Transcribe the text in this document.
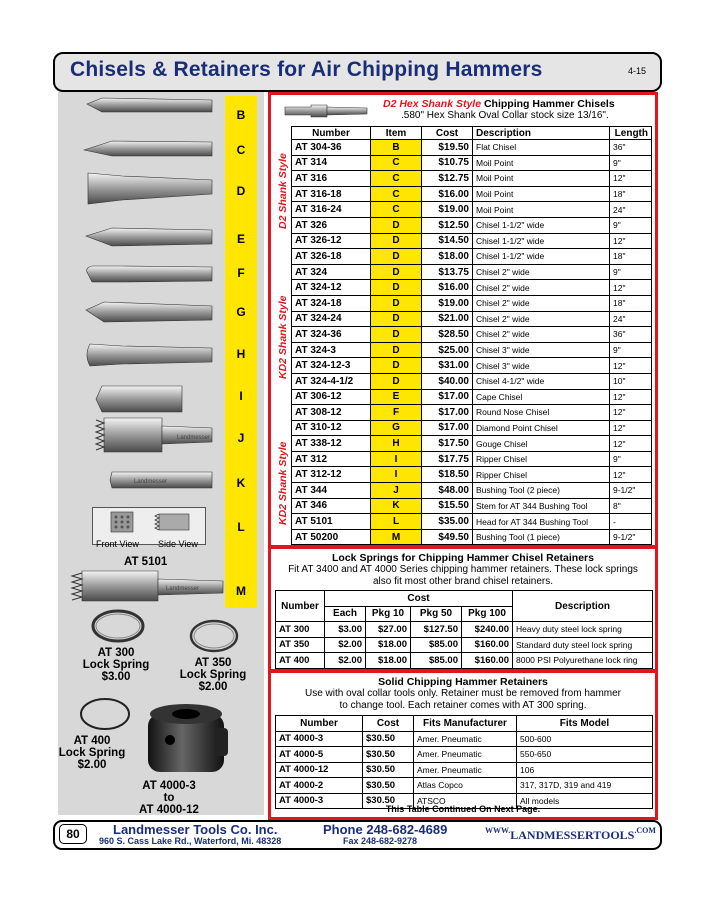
Chisels & Retainers for Air Chipping Hammers	4-15
B
C
D
E
F
G
H
I
J
K
L
M
Landmesser
Landmesser
Front View Side View
AT 5101
Landmesser
AT 300
Lock Spring
$3.00
AT 350
Lock Spring
$2.00
AT 400
Lock Spring
$2.00
AT 4000-3
to
AT 4000-12
D2 Hex Shank Style Chipping Hammer Chisels
.580" Hex Shank Oval Collar stock size 13/16".
D2 Shank Style
KD2 Shank Style
KD2 Shank Style
Number	Item	Cost	Description	Length
AT 304-36	B	$19.50	Flat Chisel	36"
AT 314	C	$10.75	Moil Point	9"
AT 316	C	$12.75	Moil Point	12"
AT 316-18	C	$16.00	Moil Point	18"
AT 316-24	C	$19.00	Moil Point	24"
AT 326	D	$12.50	Chisel 1-1/2" wide	9"
AT 326-12	D	$14.50	Chisel 1-1/2" wide	12"
AT 326-18	D	$18.00	Chisel 1-1/2" wide	18"
AT 324	D	$13.75	Chisel 2" wide	9"
AT 324-12	D	$16.00	Chisel 2" wide	12"
AT 324-18	D	$19.00	Chisel 2" wide	18"
AT 324-24	D	$21.00	Chisel 2" wide	24"
AT 324-36	D	$28.50	Chisel 2" wide	36"
AT 324-3	D	$25.00	Chisel 3" wide	9"
AT 324-12-3	D	$31.00	Chisel 3" wide	12"
AT 324-4-1/2	D	$40.00	Chisel 4-1/2" wide	10"
AT 306-12	E	$17.00	Cape Chisel	12"
AT 308-12	F	$17.00	Round Nose Chisel	12"
AT 310-12	G	$17.00	Diamond Point Chisel	12"
AT 338-12	H	$17.50	Gouge Chisel	12"
AT 312	I	$17.75	Ripper Chisel	9"
AT 312-12	I	$18.50	Ripper Chisel	12"
AT 344	J	$48.00	Bushing Tool (2 piece)	9-1/2"
AT 346	K	$15.50	Stem for AT 344 Bushing Tool	8"
AT 5101	L	$35.00	Head for AT 344 Bushing Tool	-
AT 50200	M	$49.50	Bushing Tool (1 piece)	9-1/2"
Lock Springs for Chipping Hammer Chisel Retainers
Fit AT 3400 and AT 4000 Series chipping hammer retainers. These lock springs
also fit most other brand chisel retainers.
Number	Cost				Description
	Each	Pkg 10	Pkg 50	Pkg 100	
AT 300	$3.00	$27.00	$127.50	$240.00	Heavy duty steel lock spring
AT 350	$2.00	$18.00	$85.00	$160.00	Standard duty steel lock spring
AT 400	$2.00	$18.00	$85.00	$160.00	8000 PSI Polyurethane lock ring
Solid Chipping Hammer Retainers
Use with oval collar tools only. Retainer must be removed from hammer
to change tool. Each retainer comes with AT 300 spring.
Number	Cost	Fits Manufacturer	Fits Model
AT 4000-3	$30.50	Amer. Pneumatic	500-600
AT 4000-5	$30.50	Amer. Pneumatic	550-650
AT 4000-12	$30.50	Amer. Pneumatic	106
AT 4000-2	$30.50	Atlas Copco	317, 317D, 319 and 419
AT 4000-3	$30.50	ATSCO	All models
This Table Continued On Next Page.
80	Landmesser Tools Co. Inc.
960 S. Cass Lake Rd., Waterford, Mi. 48328
Phone 248-682-4689
Fax 248-682-9278
$^{WWW.}LANDMESSERTOOLS^{.COM}$
